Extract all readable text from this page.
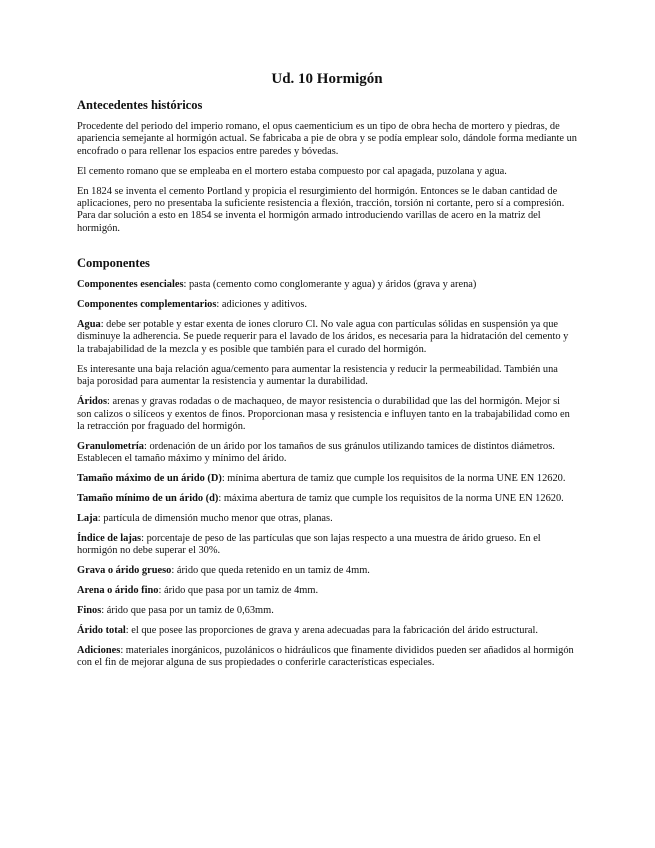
Ud. 10 Hormigón
Antecedentes históricos

Procedente del periodo del imperio romano, el opus caementicium es un tipo de obra hecha de mortero y piedras, de apariencia semejante al hormigón actual. Se fabricaba a pie de obra y se podía emplear solo, dándole forma mediante un encofrado o para rellenar los espacios entre paredes y bóvedas.

El cemento romano que se empleaba en el mortero estaba compuesto por cal apagada, puzolana y agua.

En 1824 se inventa el cemento Portland y propicia el resurgimiento del hormigón. Entonces se le daban cantidad de aplicaciones, pero no presentaba la suficiente resistencia a flexión, tracción, torsión ni cortante, pero sí a compresión. Para dar solución a esto en 1854 se inventa el hormigón armado introduciendo varillas de acero en la matriz del hormigón.

Componentes

Componentes esenciales: pasta (cemento como conglomerante y agua) y áridos (grava y arena)

Componentes complementarios: adiciones y aditivos.

Agua: debe ser potable y estar exenta de iones cloruro Cl. No vale agua con partículas sólidas en suspensión ya que disminuye la adherencia. Se puede requerir para el lavado de los áridos, es necesaria para la hidratación del cemento y la trabajabilidad de la mezcla y es posible que también para el curado del hormigón.

Es interesante una baja relación agua/cemento para aumentar la resistencia y reducir la permeabilidad. También una baja porosidad para aumentar la resistencia y aumentar la durabilidad.

Áridos: arenas y gravas rodadas o de machaqueo, de mayor resistencia o durabilidad que las del hormigón. Mejor si son calizos o silíceos y exentos de finos. Proporcionan masa y resistencia e influyen tanto en la trabajabilidad como en la retracción por fraguado del hormigón.

Granulometría: ordenación de un árido por los tamaños de sus gránulos utilizando tamices de distintos diámetros. Establecen el tamaño máximo y mínimo del árido.

Tamaño máximo de un árido (D): mínima abertura de tamiz que cumple los requisitos de la norma UNE EN 12620.

Tamaño mínimo de un árido (d): máxima abertura de tamiz que cumple los requisitos de la norma UNE EN 12620.

Laja: partícula de dimensión mucho menor que otras, planas.

Índice de lajas: porcentaje de peso de las partículas que son lajas respecto a una muestra de árido grueso. En el hormigón no debe superar el 30%.

Grava o árido grueso: árido que queda retenido en un tamiz de 4mm.

Arena o árido fino: árido que pasa por un tamiz de 4mm.

Finos: árido que pasa por un tamiz de 0,63mm.

Árido total: el que posee las proporciones de grava y arena adecuadas para la fabricación del árido estructural.

Adiciones: materiales inorgánicos, puzolánicos o hidráulicos que finamente divididos pueden ser añadidos al hormigón con el fin de mejorar alguna de sus propiedades o conferirle características especiales.
